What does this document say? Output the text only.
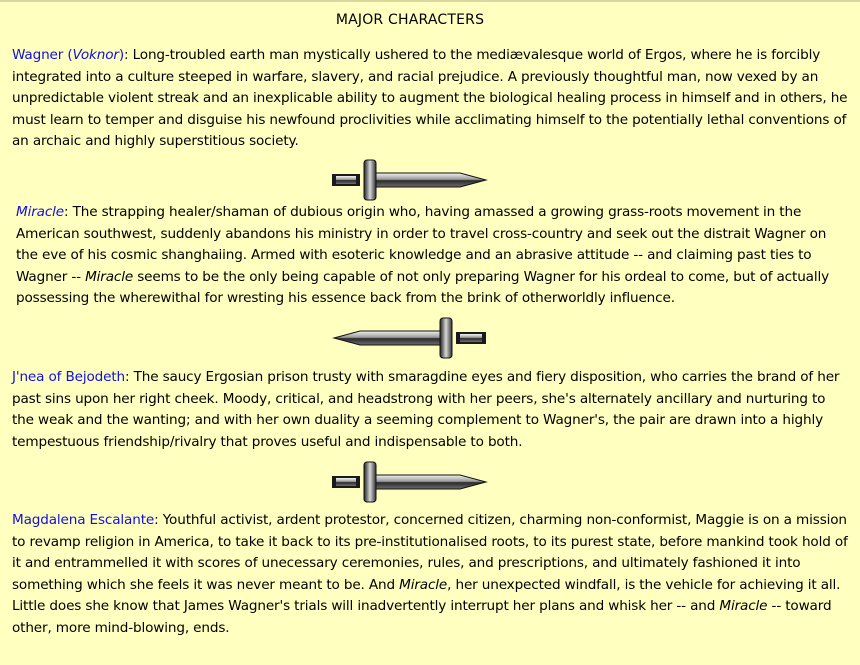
MAJOR CHARACTERS

Wagner (Voknor): Long-troubled earth man mystically ushered to the mediævalesque world of Ergos, where he is forcibly integrated into a culture steeped in warfare, slavery, and racial prejudice. A previously thoughtful man, now vexed by an unpredictable violent streak and an inexplicable ability to augment the biological healing process in himself and in others, he must learn to temper and disguise his newfound proclivities while acclimating himself to the potentially lethal conventions of an archaic and highly superstitious society.

Miracle: The strapping healer/shaman of dubious origin who, having amassed a growing grass-roots movement in the American southwest, suddenly abandons his ministry in order to travel cross-country and seek out the distrait Wagner on the eve of his cosmic shanghaiing. Armed with esoteric knowledge and an abrasive attitude -- and claiming past ties to Wagner -- Miracle seems to be the only being capable of not only preparing Wagner for his ordeal to come, but of actually possessing the wherewithal for wresting his essence back from the brink of otherworldly influence.

J'nea of Bejodeth: The saucy Ergosian prison trusty with smaragdine eyes and fiery disposition, who carries the brand of her past sins upon her right cheek. Moody, critical, and headstrong with her peers, she's alternately ancillary and nurturing to the weak and the wanting; and with her own duality a seeming complement to Wagner's, the pair are drawn into a highly tempestuous friendship/rivalry that proves useful and indispensable to both.

Magdalena Escalante: Youthful activist, ardent protestor, concerned citizen, charming non-conformist, Maggie is on a mission to revamp religion in America, to take it back to its pre-institutionalised roots, to its purest state, before mankind took hold of it and entrammelled it with scores of unecessary ceremonies, rules, and prescriptions, and ultimately fashioned it into something which she feels it was never meant to be. And Miracle, her unexpected windfall, is the vehicle for achieving it all. Little does she know that James Wagner's trials will inadvertently interrupt her plans and whisk her -- and Miracle -- toward other, more mind-blowing, ends.
